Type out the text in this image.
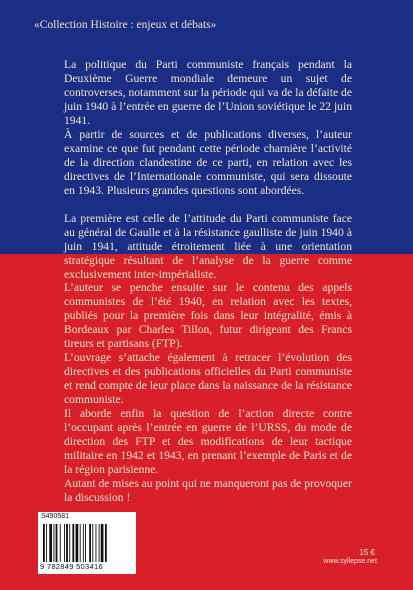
«Collection Histoire : enjeux et débats»

La politique du Parti communiste français pendant la Deuxième Guerre mondiale demeure un sujet de controverses, notamment sur la période qui va de la défaite de juin 1940 à l’entrée en guerre de l’Union soviétique le 22 juin 1941.

À partir de sources et de publications diverses, l’auteur examine ce que fut pendant cette période charnière l’activité de la direction clandestine de ce parti, en relation avec les directives de l’Internationale communiste, qui sera dissoute en 1943. Plusieurs grandes questions sont abordées.

La première est celle de l’attitude du Parti communiste face au général de Gaulle et à la résistance gaulliste de juin 1940 à juin 1941, attitude étroitement liée à une orientation stratégique résultant de l’analyse de la guerre comme exclusivement inter-impérialiste.

L’auteur se penche ensuite sur le contenu des appels communistes de l’été 1940, en relation avec les textes, publiés pour la première fois dans leur intégralité, émis à Bordeaux par Charles Tillon, futur dirigeant des Francs tireurs et partisans (FTP).

L’ouvrage s’attache également à retracer l’évolution des directives et des publications officielles du Parti communiste et rend compte de leur place dans la naissance de la résistance communiste.

Il aborde enfin la question de l’action directe contre l’occupant après l’entrée en guerre de l’URSS, du mode de direction des FTP et des modifications de leur tactique militaire en 1942 et 1943, en prenant l’exemple de Paris et de la région parisienne.

Autant de mises au point qui ne manqueront pas de provoquer la discussion !

S490581
9 782849 503416
15 €
www.syllepse.net
